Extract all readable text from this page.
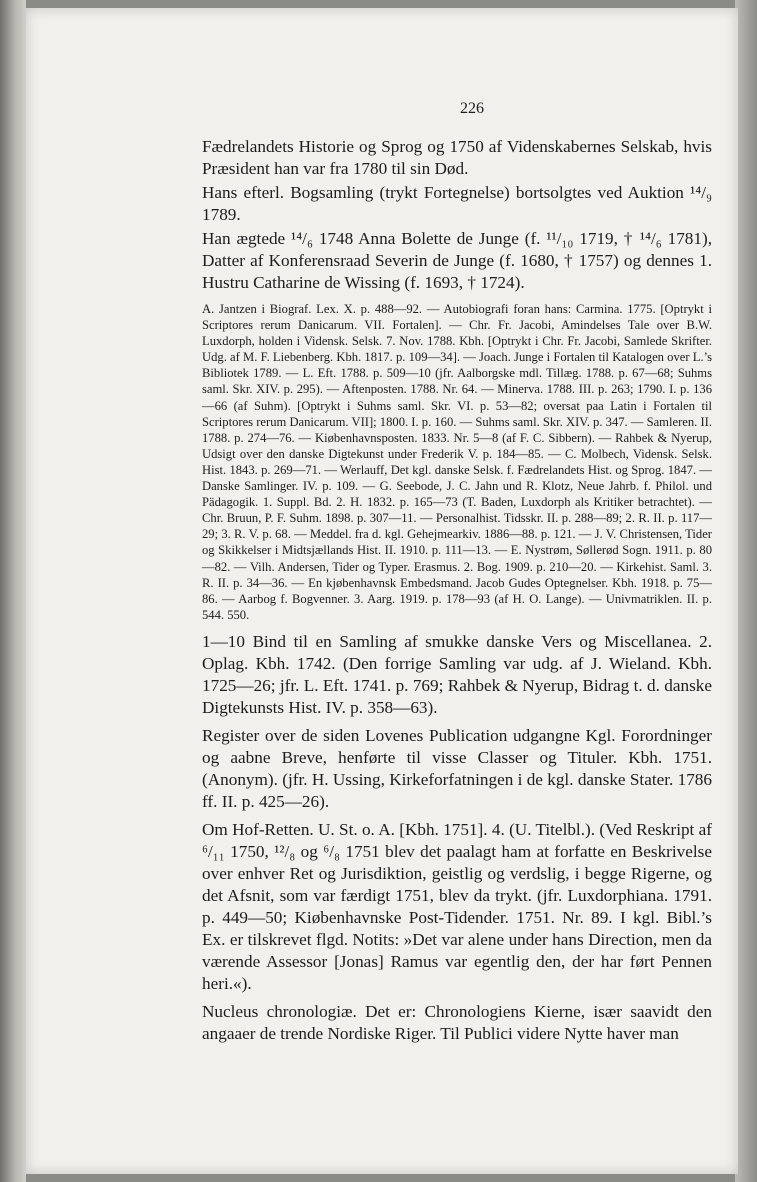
226

Fædrelandets Historie og Sprog og 1750 af Videnskabernes Selskab, hvis Præsident han var fra 1780 til sin Død.

Hans efterl. Bogsamling (trykt Fortegnelse) bortsolgtes ved Auktion ¹⁴/₉ 1789.

Han ægtede ¹⁴/₆ 1748 Anna Bolette de Junge (f. ¹¹/₁₀ 1719, † ¹⁴/₆ 1781), Datter af Konferensraad Severin de Junge (f. 1680, † 1757) og dennes 1. Hustru Catharine de Wissing (f. 1693, † 1724).

A. Jantzen i Biograf. Lex. X. p. 488—92. — Autobiografi foran hans: Carmina. 1775. [Optrykt i Scriptores rerum Danicarum. VII. Fortalen]. — Chr. Fr. Jacobi, Amindelses Tale over B.W. Luxdorph, holden i Vidensk. Selsk. 7. Nov. 1788. Kbh. [Optrykt i Chr. Fr. Jacobi, Samlede Skrifter. Udg. af M. F. Liebenberg. Kbh. 1817. p. 109—34]. — Joach. Junge i Fortalen til Katalogen over L.’s Bibliotek 1789. — L. Eft. 1788. p. 509—10 (jfr. Aalborgske mdl. Tillæg. 1788. p. 67—68; Suhms saml. Skr. XIV. p. 295). — Aftenposten. 1788. Nr. 64. — Minerva. 1788. III. p. 263; 1790. I. p. 136—66 (af Suhm). [Optrykt i Suhms saml. Skr. VI. p. 53—82; oversat paa Latin i Fortalen til Scriptores rerum Danicarum. VII]; 1800. I. p. 160. — Suhms saml. Skr. XIV. p. 347. — Samleren. II. 1788. p. 274—76. — Kiøbenhavnsposten. 1833. Nr. 5—8 (af F. C. Sibbern). — Rahbek & Nyerup, Udsigt over den danske Digtekunst under Frederik V. p. 184—85. — C. Molbech, Vidensk. Selsk. Hist. 1843. p. 269—71. — Werlauff, Det kgl. danske Selsk. f. Fædrelandets Hist. og Sprog. 1847. — Danske Samlinger. IV. p. 109. — G. Seebode, J. C. Jahn und R. Klotz, Neue Jahrb. f. Philol. und Pädagogik. 1. Suppl. Bd. 2. H. 1832. p. 165—73 (T. Baden, Luxdorph als Kritiker betrachtet). — Chr. Bruun, P. F. Suhm. 1898. p. 307—11. — Personalhist. Tidsskr. II. p. 288—89; 2. R. II. p. 117—29; 3. R. V. p. 68. — Meddel. fra d. kgl. Gehejmearkiv. 1886—88. p. 121. — J. V. Christensen, Tider og Skikkelser i Midtsjællands Hist. II. 1910. p. 111—13. — E. Nystrøm, Søllerød Sogn. 1911. p. 80—82. — Vilh. Andersen, Tider og Typer. Erasmus. 2. Bog. 1909. p. 210—20. — Kirkehist. Saml. 3. R. II. p. 34—36. — En kjøbenhavnsk Embedsmand. Jacob Gudes Optegnelser. Kbh. 1918. p. 75—86. — Aarbog f. Bogvenner. 3. Aarg. 1919. p. 178—93 (af H. O. Lange). — Univmatriklen. II. p. 544. 550.

1—10 Bind til en Samling af smukke danske Vers og Miscellanea. 2. Oplag. Kbh. 1742. (Den forrige Samling var udg. af J. Wieland. Kbh. 1725—26; jfr. L. Eft. 1741. p. 769; Rahbek & Nyerup, Bidrag t. d. danske Digtekunsts Hist. IV. p. 358—63).

Register over de siden Lovenes Publication udgangne Kgl. Forordninger og aabne Breve, henførte til visse Classer og Tituler. Kbh. 1751. (Anonym). (jfr. H. Ussing, Kirkeforfatningen i de kgl. danske Stater. 1786 ff. II. p. 425—26).

Om Hof-Retten. U. St. o. A. [Kbh. 1751]. 4. (U. Titelbl.). (Ved Reskript af ⁶/₁₁ 1750, ¹²/₈ og ⁶/₈ 1751 blev det paalagt ham at forfatte en Beskrivelse over enhver Ret og Jurisdiktion, geistlig og verdslig, i begge Rigerne, og det Afsnit, som var færdigt 1751, blev da trykt. (jfr. Luxdorphiana. 1791. p. 449—50; Kiøbenhavnske Post-Tidender. 1751. Nr. 89. I kgl. Bibl.’s Ex. er tilskrevet flgd. Notits: »Det var alene under hans Direction, men da værende Assessor [Jonas] Ramus var egentlig den, der har ført Pennen heri.«).

Nucleus chronologiæ. Det er: Chronologiens Kierne, især saavidt den angaaer de trende Nordiske Riger. Til Publici videre Nytte haver man
